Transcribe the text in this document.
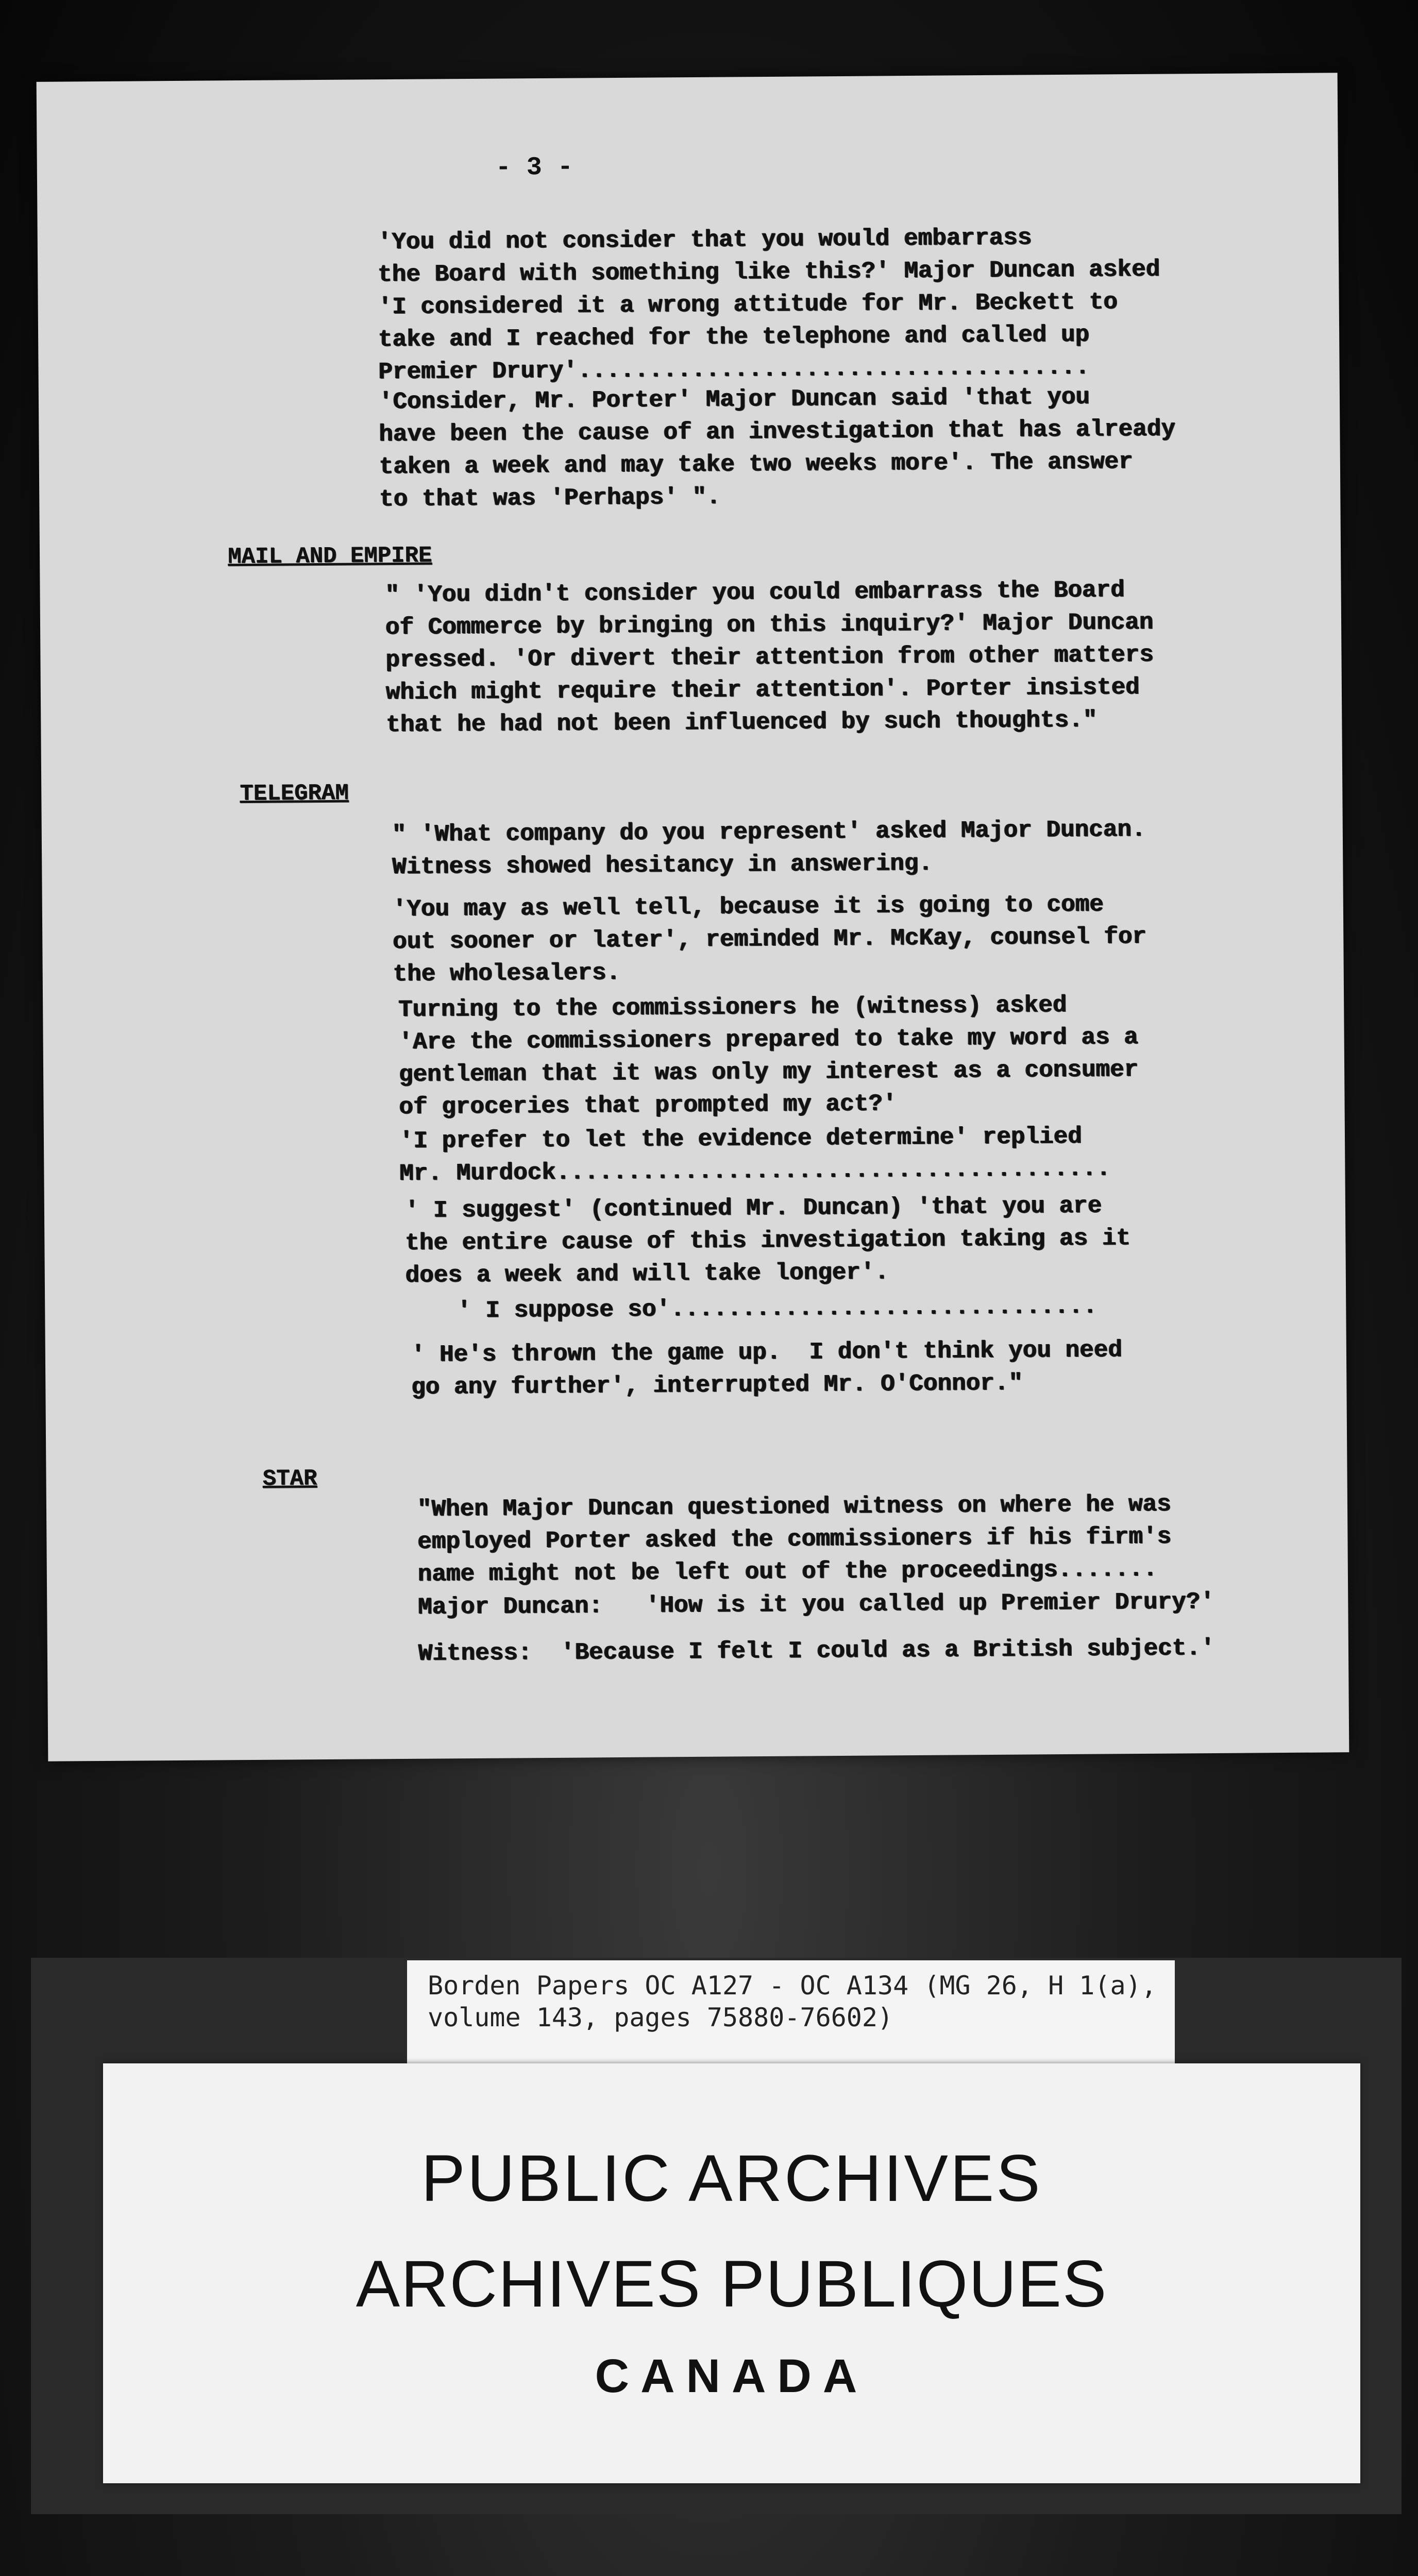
- 3 -

'You did not consider that you would embarrass
the Board with something like this?' Major Duncan asked
'I considered it a wrong attitude for Mr. Beckett to
take and I reached for the telephone and called up
Premier Drury'....................................

'Consider, Mr. Porter' Major Duncan said 'that you
have been the cause of an investigation that has already
taken a week and may take two weeks more'. The answer
to that was 'Perhaps' ".

MAIL AND EMPIRE

" 'You didn't consider you could embarrass the Board
of Commerce by bringing on this inquiry?' Major Duncan
pressed. 'Or divert their attention from other matters
which might require their attention'. Porter insisted
that he had not been influenced by such thoughts."

TELEGRAM

" 'What company do you represent' asked Major Duncan.
Witness showed hesitancy in answering.

'You may as well tell, because it is going to come
out sooner or later', reminded Mr. McKay, counsel for
the wholesalers.

Turning to the commissioners he (witness) asked
'Are the commissioners prepared to take my word as a
gentleman that it was only my interest as a consumer
of groceries that prompted my act?'

'I prefer to let the evidence determine' replied
Mr. Murdock.......................................

' I suggest' (continued Mr. Duncan) 'that you are
the entire cause of this investigation taking as it
does a week and will take longer'.

' I suppose so'..............................

' He's thrown the game up.  I don't think you need
go any further', interrupted Mr. O'Connor."

STAR

"When Major Duncan questioned witness on where he was
employed Porter asked the commissioners if his firm's
name might not be left out of the proceedings.......

Major Duncan:   'How is it you called up Premier Drury?'

Witness:  'Because I felt I could as a British subject.'

Borden Papers OC A127 - OC A134 (MG 26, H 1(a),
volume 143, pages 75880-76602)

PUBLIC ARCHIVES

ARCHIVES PUBLIQUES

CANADA
